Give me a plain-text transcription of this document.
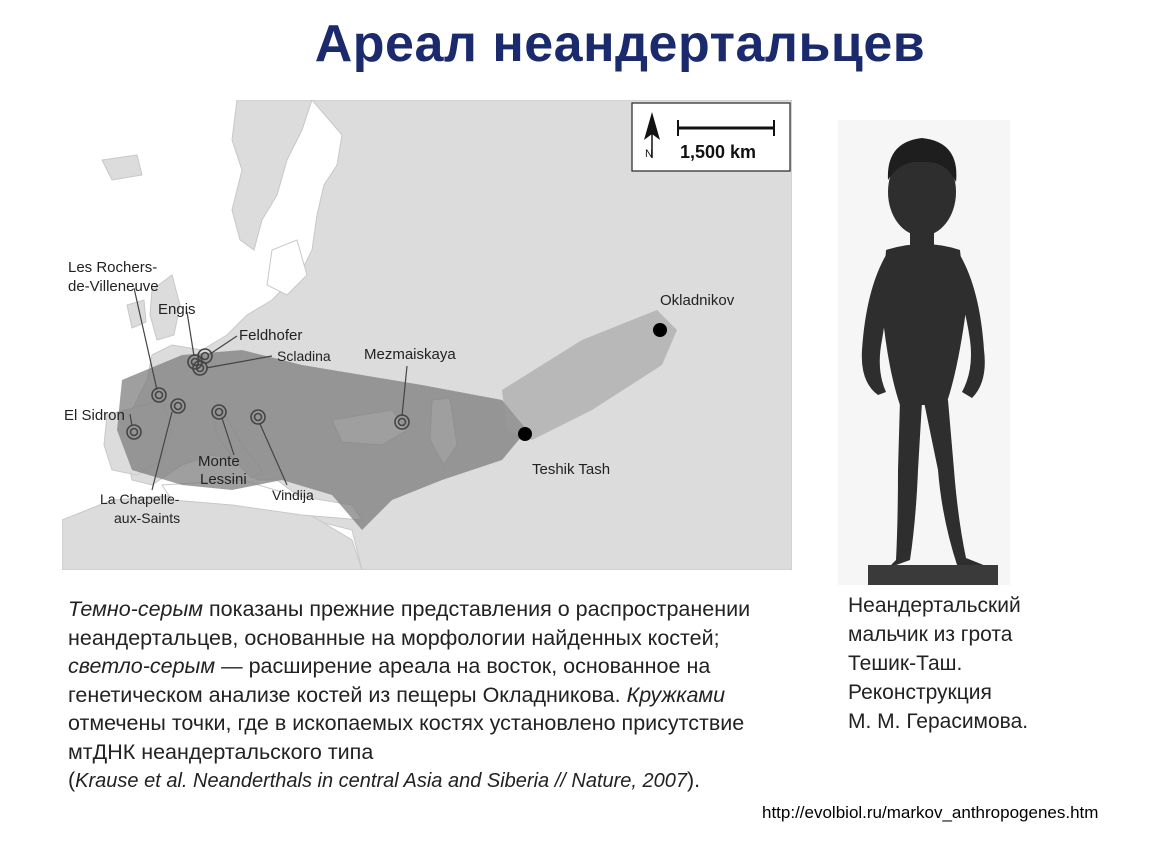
Ареал неандертальцев
N 1,500 km
Les Rochers-
de-Villeneuve
Engis
Feldhofer
Scladina
El Sidron
Monte
Lessini
La Chapelle-
aux-Saints
Vindija
Mezmaiskaya
Okladnikov
Teshik Tash
Темно-серым показаны прежние представления о распространении неандертальцев, основанные на морфологии найденных костей; светло-серым — расширение ареала на восток, основанное на генетическом анализе костей из пещеры Окладникова. Кружками отмечены точки, где в ископаемых костях установлено присутствие мтДНК неандертальского типа
(Krause et al. Neanderthals in central Asia and Siberia // Nature, 2007).
Неандертальский
мальчик из грота
Тешик-Таш.
Реконструкция
М. М. Герасимова.
http://evolbiol.ru/markov_anthropogenes.htm
